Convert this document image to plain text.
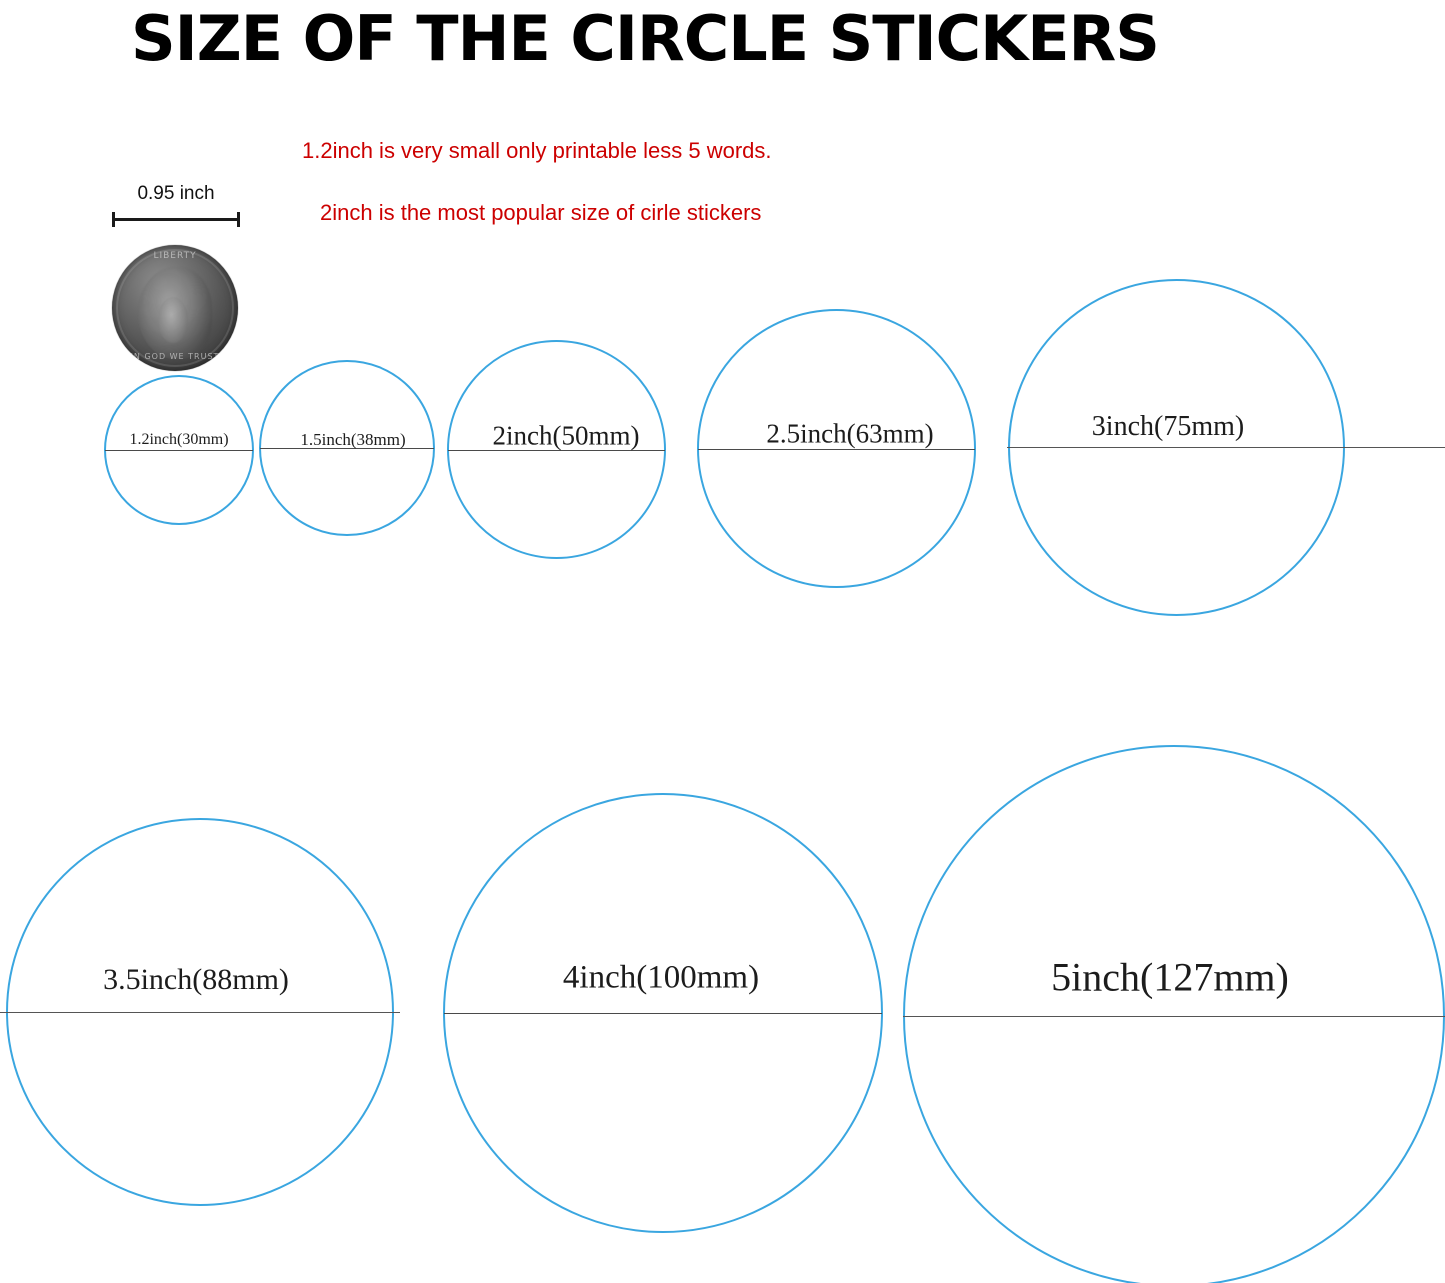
SIZE OF THE CIRCLE STICKERS
1.2inch is very small only printable less 5 words.
2inch is the most popular size of cirle stickers
0.95 inch
LIBERTY
IN GOD WE TRUST
1.2inch(30mm)	1.5inch(38mm)	2inch(50mm)	2.5inch(63mm)	3inch(75mm)
3.5inch(88mm)	4inch(100mm)	5inch(127mm)
